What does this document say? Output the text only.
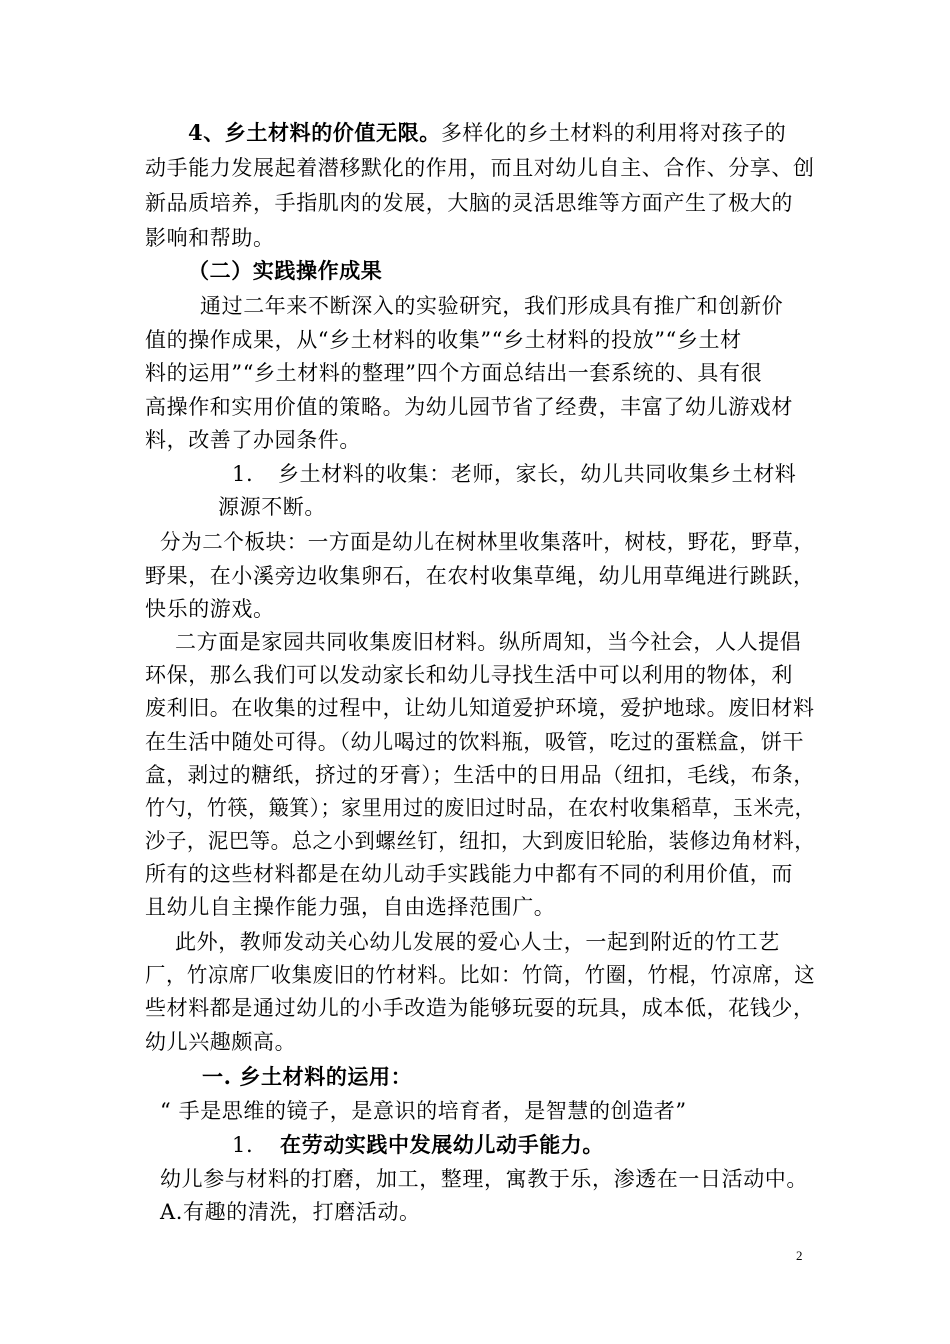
4、乡土材料的价值无限。多样化的乡土材料的利用将对孩子的
动手能力发展起着潜移默化的作用，而且对幼儿自主、合作、分享、创
新品质培养，手指肌肉的发展，大脑的灵活思维等方面产生了极大的
影响和帮助。
（二）实践操作成果
通过二年来不断深入的实验研究，我们形成具有推广和创新价
值的操作成果，从“乡土材料的收集”“乡土材料的投放”“乡土材
料的运用”“乡土材料的整理”四个方面总结出一套系统的、具有很
高操作和实用价值的策略。为幼儿园节省了经费，丰富了幼儿游戏材
料，改善了办园条件。
1. 乡土材料的收集：老师，家长，幼儿共同收集乡土材料
源源不断。
分为二个板块：一方面是幼儿在树林里收集落叶，树枝，野花，野草，
野果，在小溪旁边收集卵石，在农村收集草绳，幼儿用草绳进行跳跃，
快乐的游戏。
二方面是家园共同收集废旧材料。纵所周知，当今社会，人人提倡
环保，那么我们可以发动家长和幼儿寻找生活中可以利用的物体，利
废利旧。在收集的过程中，让幼儿知道爱护环境，爱护地球。废旧材料
在生活中随处可得。（幼儿喝过的饮料瓶，吸管，吃过的蛋糕盒，饼干
盒，剥过的糖纸，挤过的牙膏）；生活中的日用品（纽扣，毛线，布条，
竹勺，竹筷，簸箕）；家里用过的废旧过时品，在农村收集稻草，玉米壳，
沙子，泥巴等。总之小到螺丝钉，纽扣，大到废旧轮胎，装修边角材料，
所有的这些材料都是在幼儿动手实践能力中都有不同的利用价值，而
且幼儿自主操作能力强，自由选择范围广。
此外，教师发动关心幼儿发展的爱心人士，一起到附近的竹工艺
厂，竹凉席厂收集废旧的竹材料。比如：竹筒，竹圈，竹棍，竹凉席，这
些材料都是通过幼儿的小手改造为能够玩耍的玩具，成本低，花钱少，
幼儿兴趣颇高。
一. 乡土材料的运用：
“ 手是思维的镜子，是意识的培育者，是智慧的创造者”
1. 在劳动实践中发展幼儿动手能力。
幼儿参与材料的打磨，加工，整理，寓教于乐，渗透在一日活动中。
A.有趣的清洗，打磨活动。
2
